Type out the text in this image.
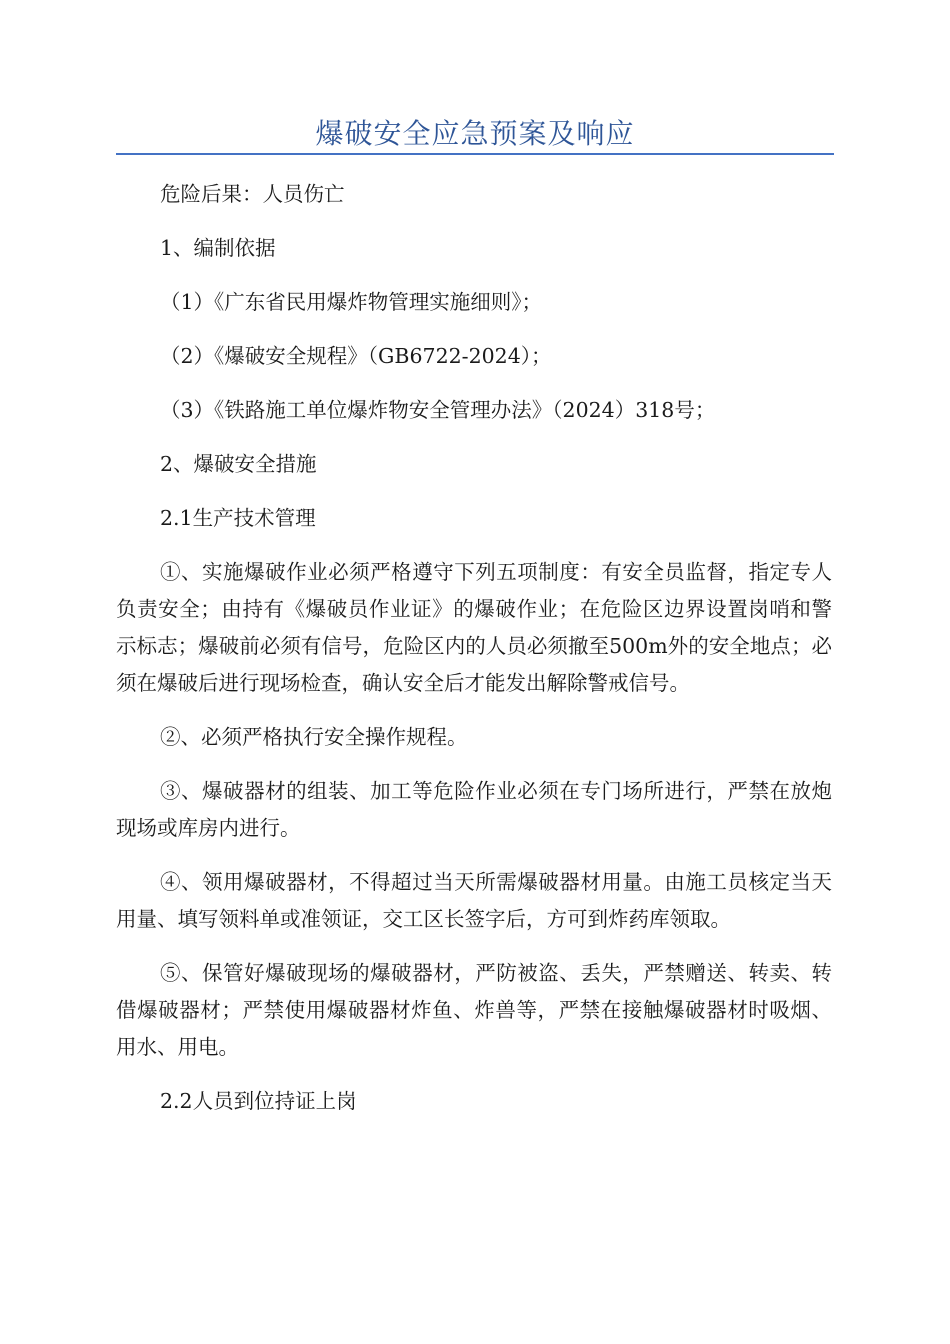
爆破安全应急预案及响应

危险后果：人员伤亡

1、编制依据

（1）《广东省民用爆炸物管理实施细则》；

（2）《爆破安全规程》（GB6722-2024）；

（3）《铁路施工单位爆炸物安全管理办法》（2024）318号；

2、爆破安全措施

2.1生产技术管理

①、实施爆破作业必须严格遵守下列五项制度：有安全员监督，指定专人负责安全；由持有《爆破员作业证》的爆破作业；在危险区边界设置岗哨和警示标志；爆破前必须有信号，危险区内的人员必须撤至500m外的安全地点；必须在爆破后进行现场检查，确认安全后才能发出解除警戒信号。

②、必须严格执行安全操作规程。

③、爆破器材的组装、加工等危险作业必须在专门场所进行，严禁在放炮现场或库房内进行。

④、领用爆破器材，不得超过当天所需爆破器材用量。由施工员核定当天用量、填写领料单或准领证，交工区长签字后，方可到炸药库领取。

⑤、保管好爆破现场的爆破器材，严防被盗、丢失，严禁赠送、转卖、转借爆破器材；严禁使用爆破器材炸鱼、炸兽等，严禁在接触爆破器材时吸烟、用水、用电。

2.2人员到位持证上岗
